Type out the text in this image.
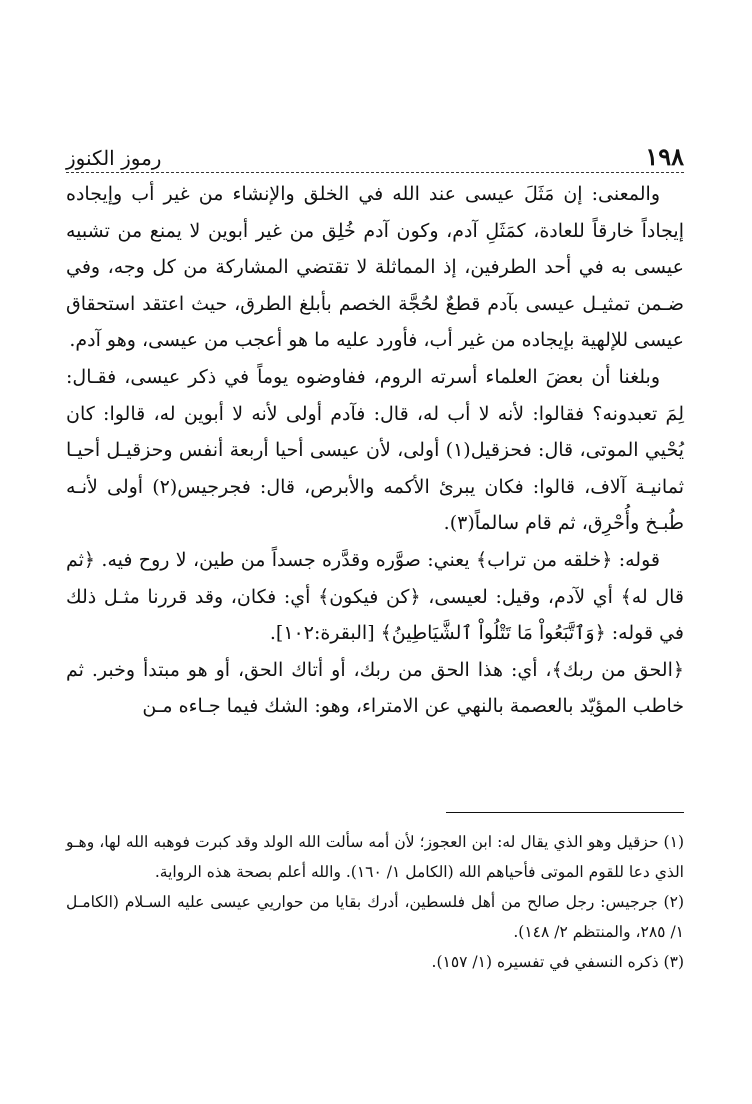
١٩٨
رموز الكنوز

والمعنى: إن مَثَلَ عيسى عند الله في الخلق والإنشاء من غير أب وإيجاده إيجاداً خارقاً للعادة، كمَثَلِ آدم، وكون آدم خُلِق من غير أبوين لا يمنع من تشبيه عيسى به في أحد الطرفين، إذ المماثلة لا تقتضي المشاركة من كل وجه، وفي ضـمن تمثيـل عيسى بآدم قطعٌ لحُجَّة الخصم بأبلغ الطرق، حيث اعتقد استحقاق عيسى للإلهية بإيجاده من غير أب، فأورد عليه ما هو أعجب من عيسى، وهو آدم.

وبلغنا أن بعضَ العلماء أسرته الروم، ففاوضوه يوماً في ذكر عيسى، فقـال: لِمَ تعبدونه؟ فقالوا: لأنه لا أب له، قال: فآدم أولى لأنه لا أبوين له، قالوا: كان يُحْيي الموتى، قال: فحزقيل(١) أولى، لأن عيسى أحيا أربعة أنفس وحزقيـل أحيـا ثمانيـة آلاف، قالوا: فكان يبرئ الأكمه والأبرص، قال: فجرجيس(٢) أولى لأنـه طُبـخ وأُحْرِق، ثم قام سالماً(٣).

قوله: ﴿خلقه من تراب﴾ يعني: صوَّره وقدَّره جسداً من طين، لا روح فيه. ﴿ثم قال له﴾ أي لآدم، وقيل: لعيسى، ﴿كن فيكون﴾ أي: فكان، وقد قررنا مثـل ذلك في قوله: ﴿وَٱتَّبَعُواْ مَا تَتْلُواْ ٱلشَّيَاطِينُ﴾ [البقرة:١٠٢].

﴿الحق من ربك﴾، أي: هذا الحق من ربك، أو أتاك الحق، أو هو مبتدأ وخبر. ثم خاطب المؤيّد بالعصمة بالنهي عن الامتراء، وهو: الشك فيما جـاءه مـن

(١) حزقيل وهو الذي يقال له: ابن العجوز؛ لأن أمه سألت الله الولد وقد كبرت فوهبه الله لها، وهـو الذي دعا للقوم الموتى فأحياهم الله (الكامل ١/ ١٦٠). والله أعلم بصحة هذه الرواية.

(٢) جرجيس: رجل صالح من أهل فلسطين، أدرك بقايا من حواريي عيسى عليه السـلام (الكامـل ١/ ٢٨٥، والمنتظم ٢/ ١٤٨).

(٣) ذكره النسفي في تفسيره (١/ ١٥٧).
